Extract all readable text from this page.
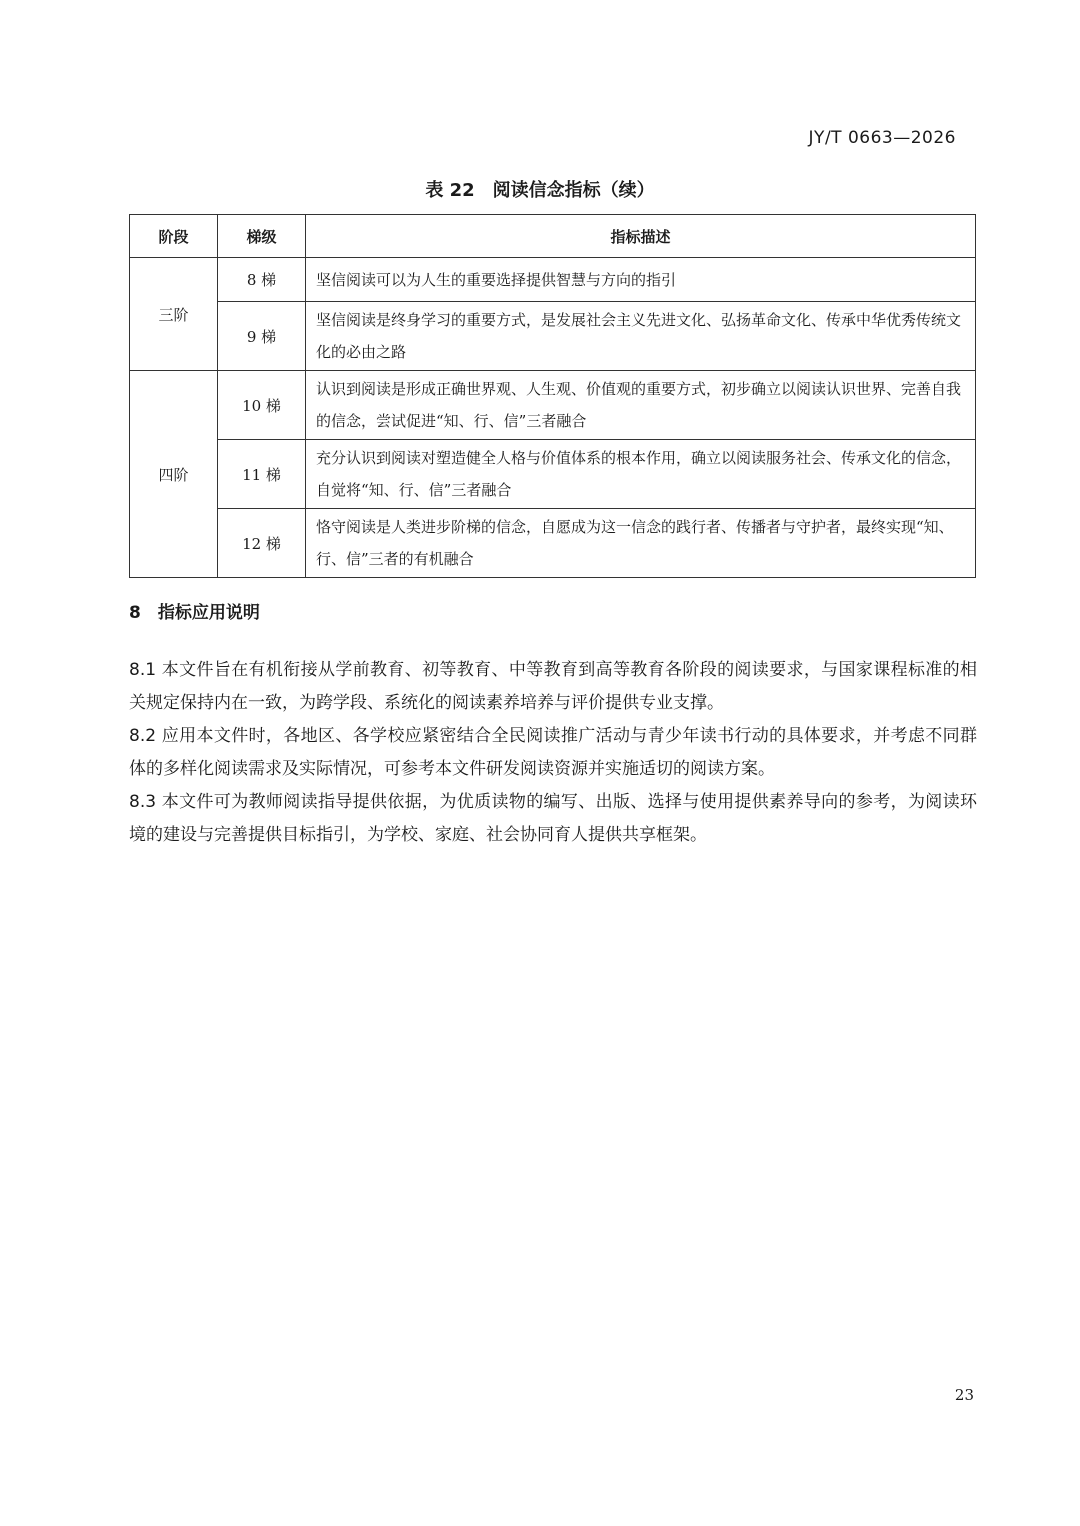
JY/T 0663—2026
表 22　阅读信念指标（续）
阶段	梯级	指标描述
三阶	8 梯	坚信阅读可以为人生的重要选择提供智慧与方向的指引
	9 梯	坚信阅读是终身学习的重要方式，是发展社会主义先进文化、弘扬革命文化、传承中华优秀传统文化的必由之路
四阶	10 梯	认识到阅读是形成正确世界观、人生观、价值观的重要方式，初步确立以阅读认识世界、完善自我的信念，尝试促进“知、行、信”三者融合
	11 梯	充分认识到阅读对塑造健全人格与价值体系的根本作用，确立以阅读服务社会、传承文化的信念，自觉将“知、行、信”三者融合
	12 梯	恪守阅读是人类进步阶梯的信念，自愿成为这一信念的践行者、传播者与守护者，最终实现“知、行、信”三者的有机融合
8　指标应用说明

8.1 本文件旨在有机衔接从学前教育、初等教育、中等教育到高等教育各阶段的阅读要求，与国家课程标准的相关规定保持内在一致，为跨学段、系统化的阅读素养培养与评价提供专业支撑。

8.2 应用本文件时，各地区、各学校应紧密结合全民阅读推广活动与青少年读书行动的具体要求，并考虑不同群体的多样化阅读需求及实际情况，可参考本文件研发阅读资源并实施适切的阅读方案。

8.3 本文件可为教师阅读指导提供依据，为优质读物的编写、出版、选择与使用提供素养导向的参考，为阅读环境的建设与完善提供目标指引，为学校、家庭、社会协同育人提供共享框架。

23
